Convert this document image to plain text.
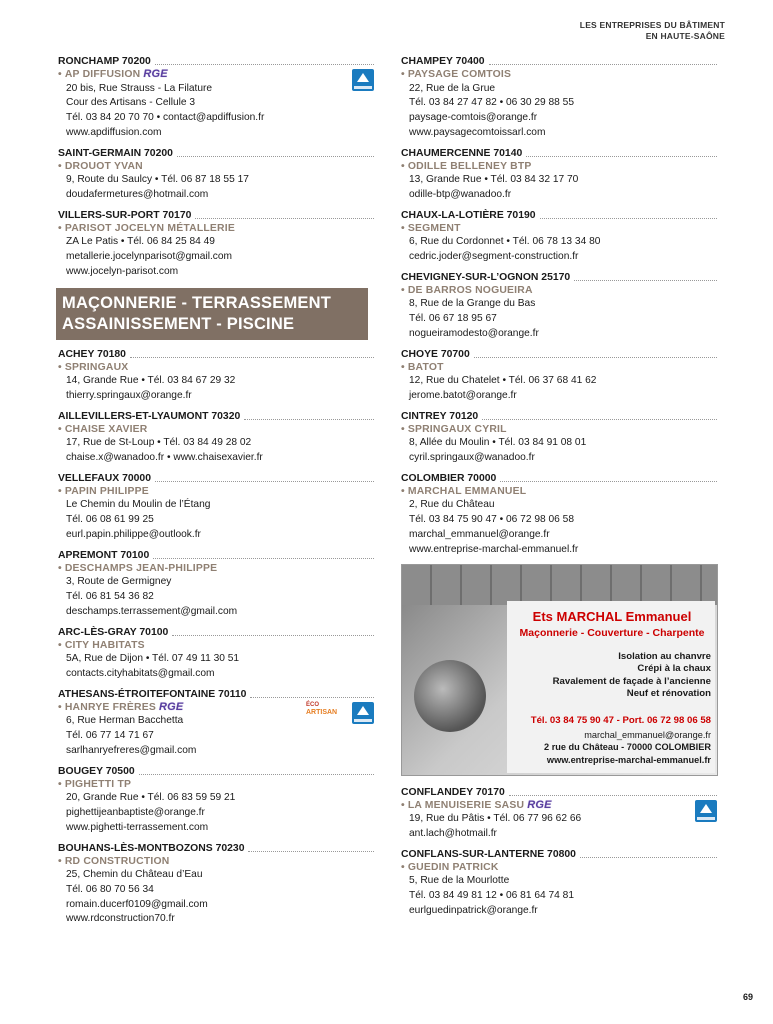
LES ENTREPRISES DU BÂTIMENT
EN HAUTE-SAÔNE
RONCHAMP 70200
• AP DIFFUSION RGE
20 bis, Rue Strauss - La Filature
Cour des Artisans - Cellule 3
Tél. 03 84 20 70 70 • contact@apdiffusion.fr
www.apdiffusion.com
SAINT-GERMAIN 70200
• DROUOT YVAN
9, Route du Saulcy • Tél. 06 87 18 55 17
doudafermetures@hotmail.com
VILLERS-SUR-PORT 70170
• PARISOT JOCELYN MÉTALLERIE
ZA Le Patis • Tél. 06 84 25 84 49
metallerie.jocelynparisot@gmail.com
www.jocelyn-parisot.com
MAÇONNERIE - TERRASSEMENT
ASSAINISSEMENT - PISCINE
ACHEY 70180
• SPRINGAUX
14, Grande Rue • Tél. 03 84 67 29 32
thierry.springaux@orange.fr
AILLEVILLERS-ET-LYAUMONT 70320
• CHAISE XAVIER
17, Rue de St-Loup • Tél. 03 84 49 28 02
chaise.x@wanadoo.fr • www.chaisexavier.fr
VELLEFAUX 70000
• PAPIN PHILIPPE
Le Chemin du Moulin de l’Étang
Tél. 06 08 61 99 25
eurl.papin.philippe@outlook.fr
APREMONT 70100
• DESCHAMPS JEAN-PHILIPPE
3, Route de Germigney
Tél. 06 81 54 36 82
deschamps.terrassement@gmail.com
ARC-LÈS-GRAY 70100
• CITY HABITATS
5A, Rue de Dijon • Tél. 07 49 11 30 51
contacts.cityhabitats@gmail.com
ATHESANS-ÉTROITEFONTAINE 70110
• HANRYE FRÈRES RGE
6, Rue Herman Bacchetta
Tél. 06 77 14 71 67
sarlhanryefreres@gmail.com
ÉCO
ARTISAN
BOUGEY 70500
• PIGHETTI TP
20, Grande Rue • Tél. 06 83 59 59 21
pighettijeanbaptiste@orange.fr
www.pighetti-terrassement.com
BOUHANS-LÈS-MONTBOZONS 70230
• RD CONSTRUCTION
25, Chemin du Château d’Eau
Tél. 06 80 70 56 34
romain.ducerf0109@gmail.com
www.rdconstruction70.fr
CHAMPEY 70400
• PAYSAGE COMTOIS
22, Rue de la Grue
Tél. 03 84 27 47 82 • 06 30 29 88 55
paysage-comtois@orange.fr
www.paysagecomtoissarl.com
CHAUMERCENNE 70140
• ODILLE BELLENEY BTP
13, Grande Rue • Tél. 03 84 32 17 70
odille-btp@wanadoo.fr
CHAUX-LA-LOTIÈRE 70190
• SEGMENT
6, Rue du Cordonnet • Tél. 06 78 13 34 80
cedric.joder@segment-construction.fr
CHEVIGNEY-SUR-L’OGNON 25170
• DE BARROS NOGUEIRA
8, Rue de la Grange du Bas
Tél. 06 67 18 95 67
nogueiramodesto@orange.fr
CHOYE 70700
• BATOT
12, Rue du Chatelet • Tél. 06 37 68 41 62
jerome.batot@orange.fr
CINTREY 70120
• SPRINGAUX CYRIL
8, Allée du Moulin • Tél. 03 84 91 08 01
cyril.springaux@wanadoo.fr
COLOMBIER 70000
• MARCHAL EMMANUEL
2, Rue du Château
Tél. 03 84 75 90 47 • 06 72 98 06 58
marchal_emmanuel@orange.fr
www.entreprise-marchal-emmanuel.fr
Ets MARCHAL Emmanuel
Maçonnerie - Couverture - Charpente
Isolation au chanvre
Crépi à la chaux
Ravalement de façade à l’ancienne
Neuf et rénovation
Tél. 03 84 75 90 47 - Port. 06 72 98 06 58
marchal_emmanuel@orange.fr
2 rue du Château - 70000 COLOMBIER
www.entreprise-marchal-emmanuel.fr
CONFLANDEY 70170
• LA MENUISERIE SASU RGE
19, Rue du Pâtis • Tél. 06 77 96 62 66
ant.lach@hotmail.fr
CONFLANS-SUR-LANTERNE 70800
• GUEDIN PATRICK
5, Rue de la Mourlotte
Tél. 03 84 49 81 12 • 06 81 64 74 81
eurlguedinpatrick@orange.fr
69
